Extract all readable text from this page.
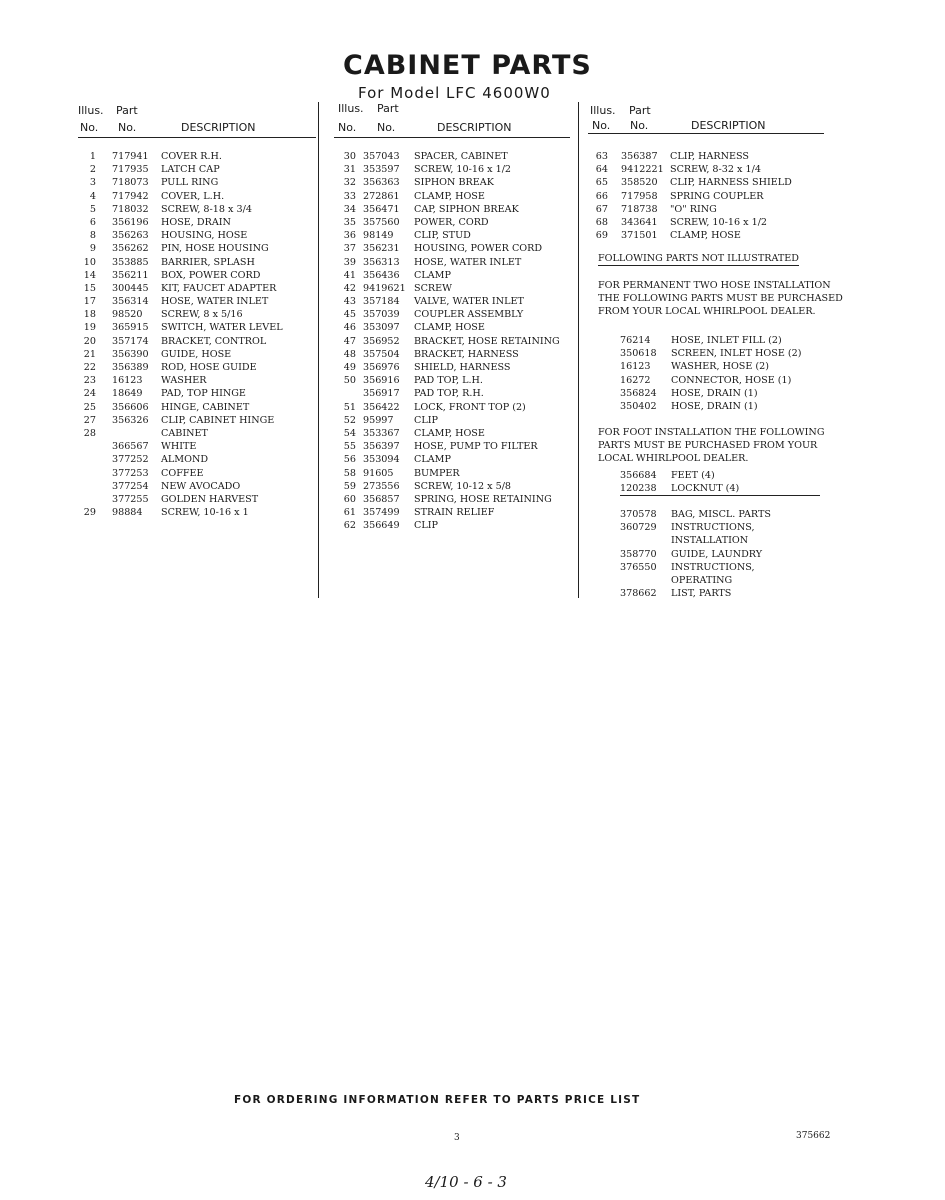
CABINET PARTS
For Model LFC 4600W0
Illus. Part
No. No.	DESCRIPTION
1 717941 COVER R.H.
2 717935 LATCH CAP
3 718073 PULL RING
4 717942 COVER, L.H.
5 718032 SCREW, 8-18 x 3/4
6 356196 HOSE, DRAIN
8 356263 HOUSING, HOSE
9 356262 PIN, HOSE HOUSING
10 353885 BARRIER, SPLASH
14 356211 BOX, POWER CORD
15 300445 KIT, FAUCET ADAPTER
17 356314 HOSE, WATER INLET
18 98520 SCREW, 8 x 5/16
19 365915 SWITCH, WATER LEVEL
20 357174 BRACKET, CONTROL
21 356390 GUIDE, HOSE
22 356389 ROD, HOSE GUIDE
23 16123 WASHER
24 18649 PAD, TOP HINGE
25 356606 HINGE, CABINET
27 356326 CLIP, CABINET HINGE
28	CABINET
366567 WHITE
377252 ALMOND
377253 COFFEE
377254 NEW AVOCADO
377255 GOLDEN HARVEST
29 98884 SCREW, 10-16 x 1
Illus. Part
No. No.	DESCRIPTION
30 357043 SPACER, CABINET
31 353597 SCREW, 10-16 x 1/2
32 356363 SIPHON BREAK
33 272861 CLAMP, HOSE
34 356471 CAP, SIPHON BREAK
35 357560 POWER, CORD
36 98149 CLIP, STUD
37 356231 HOUSING, POWER CORD
39 356313 HOSE, WATER INLET
41 356436 CLAMP
42 9419621 SCREW
43 357184 VALVE, WATER INLET
45 357039 COUPLER ASSEMBLY
46 353097 CLAMP, HOSE
47 356952 BRACKET, HOSE RETAINING
48 357504 BRACKET, HARNESS
49 356976 SHIELD, HARNESS
50 356916 PAD TOP, L.H.
356917 PAD TOP, R.H.
51 356422 LOCK, FRONT TOP (2)
52 95997 CLIP
54 353367 CLAMP, HOSE
55 356397 HOSE, PUMP TO FILTER
56 353094 CLAMP
58 91605 BUMPER
59 273556 SCREW, 10-12 x 5/8
60 356857 SPRING, HOSE RETAINING
61 357499 STRAIN RELIEF
62 356649 CLIP
Illus. Part
No. No.	DESCRIPTION
63 356387 CLIP, HARNESS
64 9412221 SCREW, 8-32 x 1/4
65 358520 CLIP, HARNESS SHIELD
66 717958 SPRING COUPLER
67 718738 "O" RING
68 343641 SCREW, 10-16 x 1/2
69 371501 CLAMP, HOSE
FOLLOWING PARTS NOT ILLUSTRATED
FOR PERMANENT TWO HOSE INSTALLATION
THE FOLLOWING PARTS MUST BE PURCHASED
FROM YOUR LOCAL WHIRLPOOL DEALER.
76214 HOSE, INLET FILL (2)
350618 SCREEN, INLET HOSE (2)
16123 WASHER, HOSE (2)
16272 CONNECTOR, HOSE (1)
356824 HOSE, DRAIN (1)
350402 HOSE, DRAIN (1)
FOR FOOT INSTALLATION THE FOLLOWING
PARTS MUST BE PURCHASED FROM YOUR
LOCAL WHIRLPOOL DEALER.
356684 FEET (4)
120238 LOCKNUT (4)
370578 BAG, MISCL. PARTS
360729 INSTRUCTIONS,
INSTALLATION
358770 GUIDE, LAUNDRY
376550 INSTRUCTIONS,
OPERATING
378662 LIST, PARTS
FOR ORDERING INFORMATION REFER TO PARTS PRICE LIST
3	375662
4/10 - 6 - 3
